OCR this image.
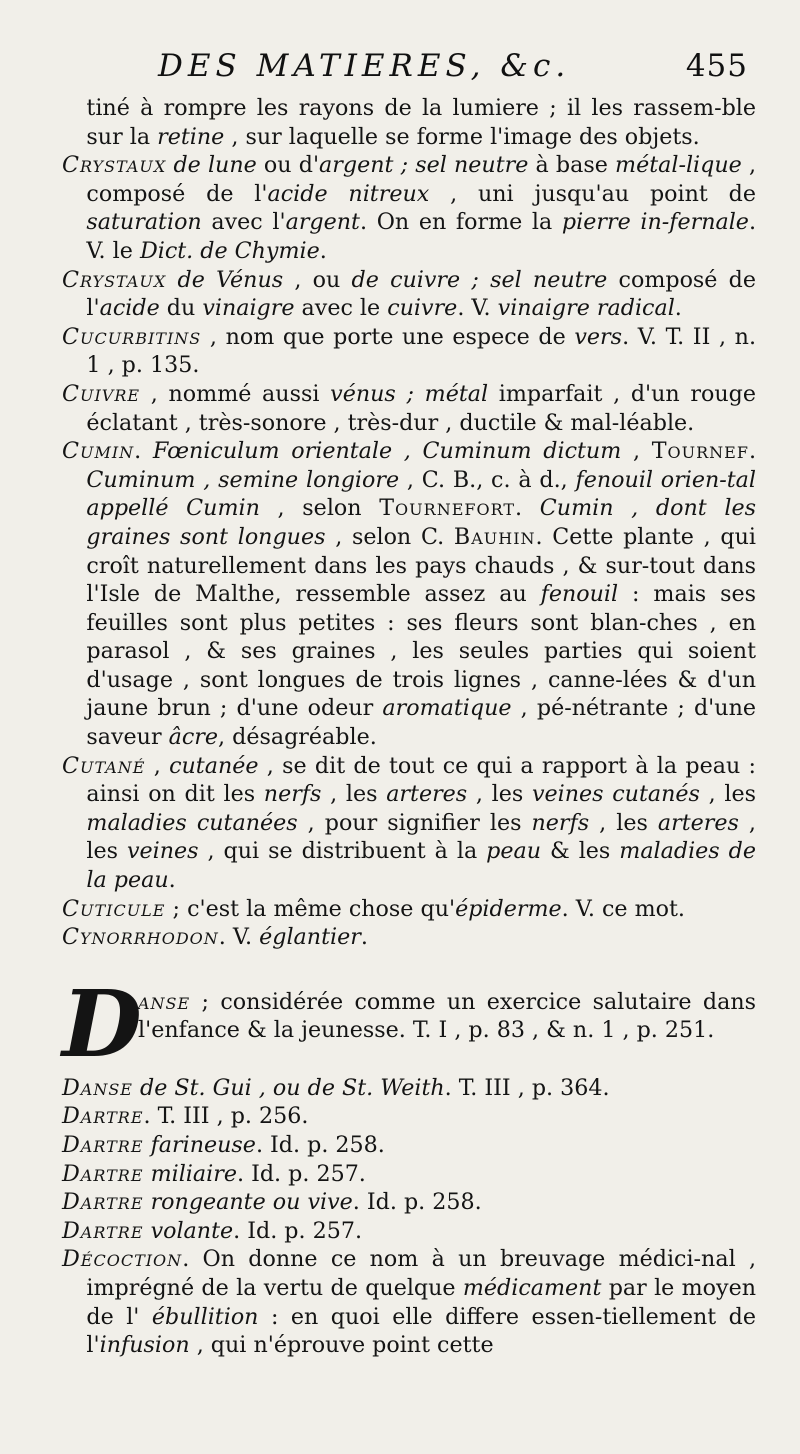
DES MATIERES, &c.	455

tiné à rompre les rayons de la lumiere ; il les rassem-ble sur la retine , sur laquelle se forme l'image des objets.

Crystaux de lune ou d'argent ; sel neutre à base métal-lique , composé de l'acide nitreux , uni jusqu'au point de saturation avec l'argent. On en forme la pierre in-fernale. V. le Dict. de Chymie.

Crystaux de Vénus , ou de cuivre ; sel neutre composé de l'acide du vinaigre avec le cuivre. V. vinaigre radical.

Cucurbitins , nom que porte une espece de vers. V. T. II , n. 1 , p. 135.

Cuivre , nommé aussi vénus ; métal imparfait , d'un rouge éclatant , très-sonore , très-dur , ductile & mal-léable.

Cumin. Fœniculum orientale , Cuminum dictum , Tournef. Cuminum , semine longiore , C. B., c. à d., fenouil orien-tal appellé Cumin , selon Tournefort. Cumin , dont les graines sont longues , selon C. Bauhin. Cette plante , qui croît naturellement dans les pays chauds , & sur-tout dans l'Isle de Malthe, ressemble assez au fenouil : mais ses feuilles sont plus petites : ses fleurs sont blan-ches , en parasol , & ses graines , les seules parties qui soient d'usage , sont longues de trois lignes , canne-lées & d'un jaune brun ; d'une odeur aromatique , pé-nétrante ; d'une saveur âcre, désagréable.

Cutané , cutanée , se dit de tout ce qui a rapport à la peau : ainsi on dit les nerfs , les arteres , les veines cutanés , les maladies cutanées , pour signifier les nerfs , les arteres , les veines , qui se distribuent à la peau & les maladies de la peau.

Cuticule ; c'est la même chose qu'épiderme. V. ce mot.

Cynorrhodon. V. églantier.

D

anse ; considérée comme un exercice salutaire dans l'enfance & la jeunesse. T. I , p. 83 , & n. 1 , p. 251.

Danse de St. Gui , ou de St. Weith. T. III , p. 364.

Dartre. T. III , p. 256.

Dartre farineuse. Id. p. 258.

Dartre miliaire. Id. p. 257.

Dartre rongeante ou vive. Id. p. 258.

Dartre volante. Id. p. 257.

Décoction. On donne ce nom à un breuvage médici-nal , imprégné de la vertu de quelque médicament par le moyen de l' ébullition : en quoi elle differe essen-tiellement de l'infusion , qui n'éprouve point cette
